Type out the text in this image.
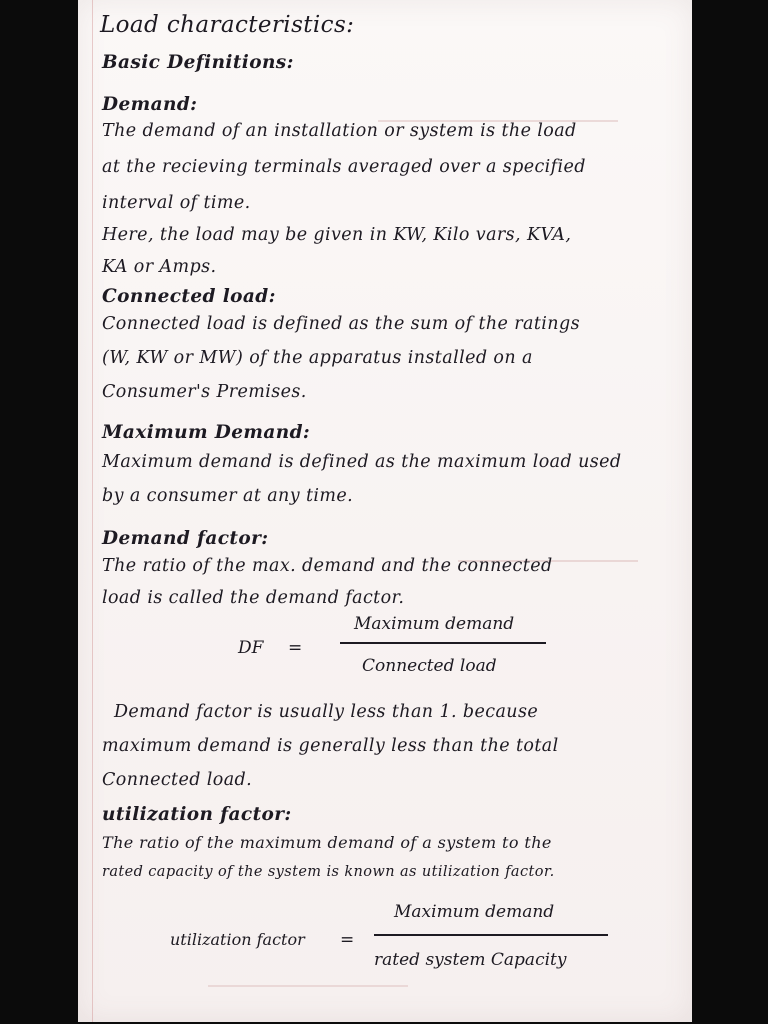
Load characteristics:
Basic Definitions:
Demand:
The demand of an installation or system is the load
at the recieving terminals averaged over a specified
interval of time.
Here, the load may be given in KW, Kilo vars, KVA,
KA or Amps.
Connected load:
Connected load is defined as the sum of the ratings
(W, KW or MW) of the apparatus installed on a
Consumer's Premises.
Maximum Demand:
Maximum demand is defined as the maximum load used
by a consumer at any time.
Demand factor:
The ratio of the max. demand and the connected
load is called the demand factor.
DF =
Maximum demand
Connected load
Demand factor is usually less than 1. because
maximum demand is generally less than the total
Connected load.
utilization factor:
The ratio of the maximum demand of a system to the
rated capacity of the system is known as utilization factor.
utilization factor =
Maximum demand
rated system Capacity
